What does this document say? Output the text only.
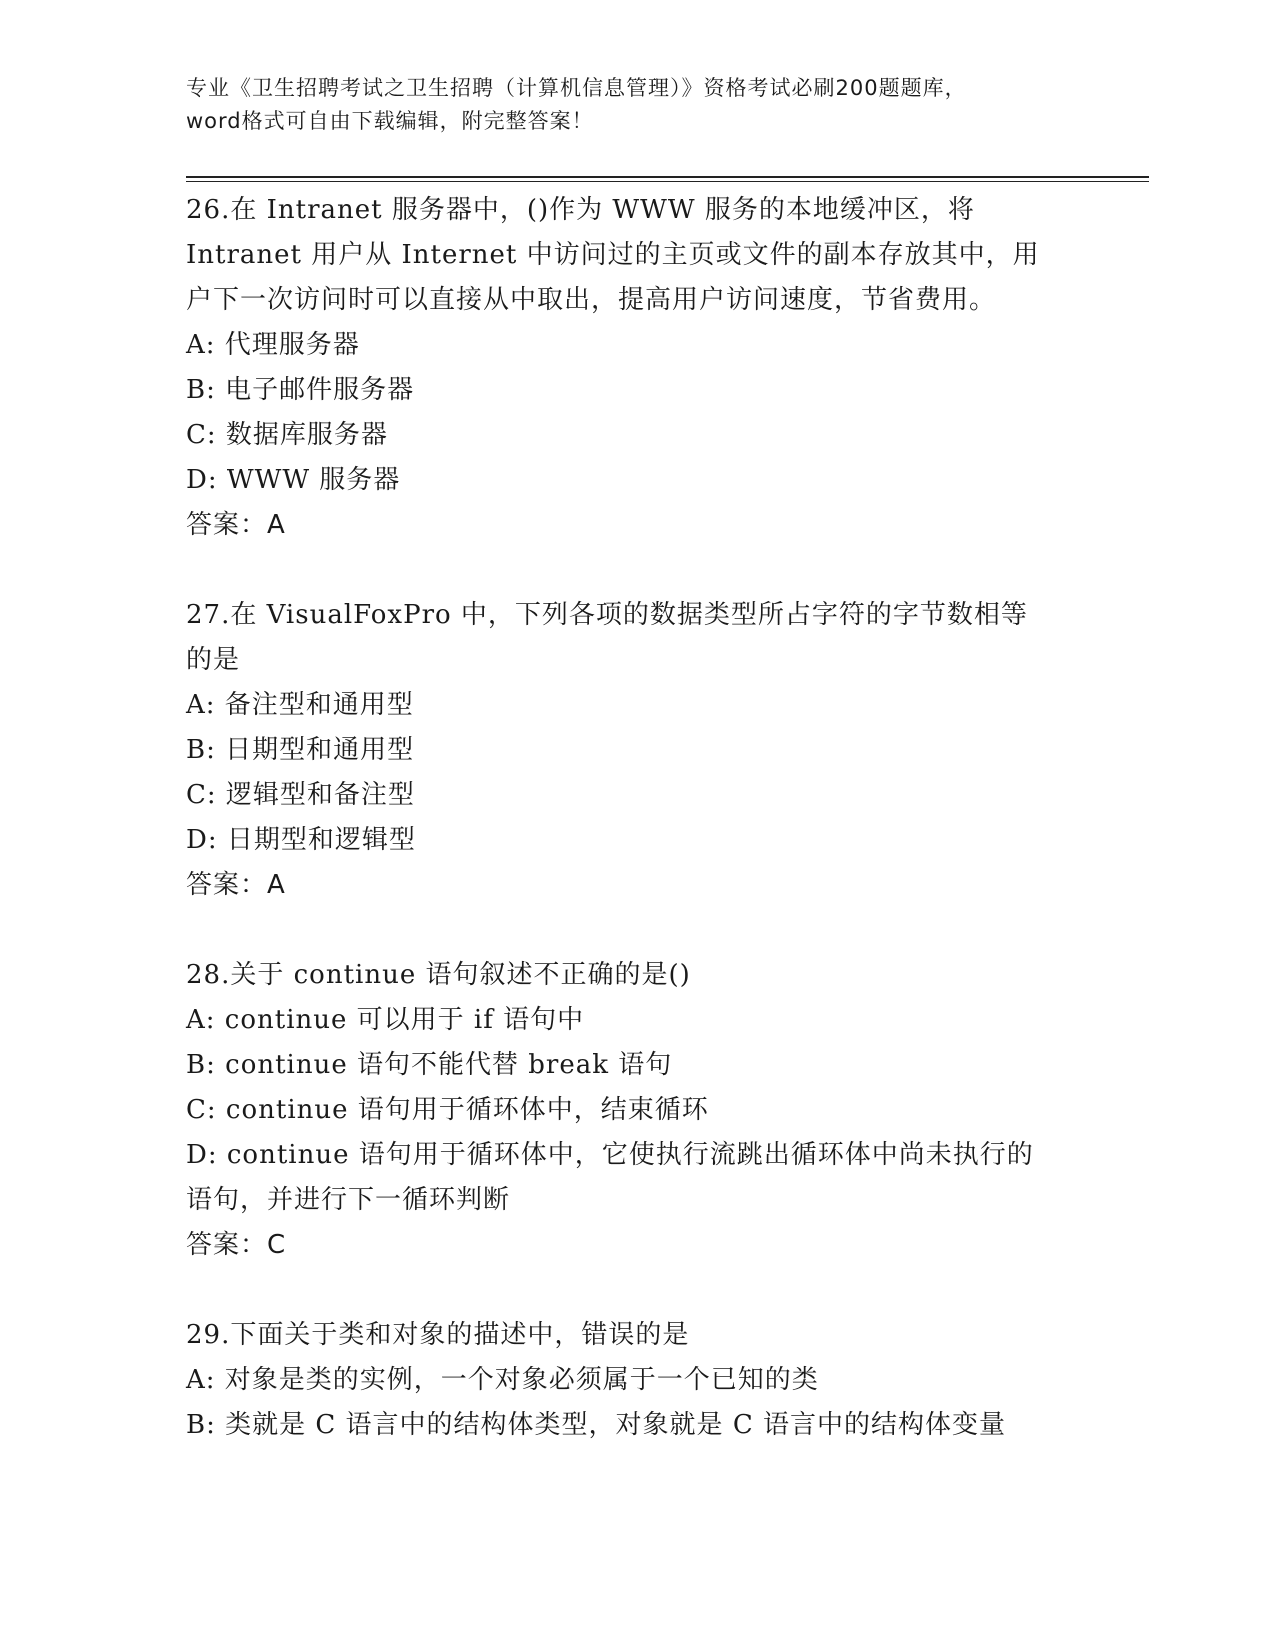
专业《卫生招聘考试之卫生招聘（计算机信息管理）》资格考试必刷200题题库，
word格式可自由下载编辑，附完整答案！

26.在 Intranet 服务器中，()作为 WWW 服务的本地缓冲区，将

Intranet 用户从 Internet 中访问过的主页或文件的副本存放其中，用

户下一次访问时可以直接从中取出，提高用户访问速度，节省费用。

A: 代理服务器

B: 电子邮件服务器

C: 数据库服务器

D: WWW 服务器

答案：A

27.在 VisualFoxPro 中，下列各项的数据类型所占字符的字节数相等

的是

A: 备注型和通用型

B: 日期型和通用型

C: 逻辑型和备注型

D: 日期型和逻辑型

答案：A

28.关于 continue 语句叙述不正确的是()

A: continue 可以用于 if 语句中

B: continue 语句不能代替 break 语句

C: continue 语句用于循环体中，结束循环

D: continue 语句用于循环体中，它使执行流跳出循环体中尚未执行的

语句，并进行下一循环判断

答案：C

29.下面关于类和对象的描述中，错误的是

A: 对象是类的实例，一个对象必须属于一个已知的类

B: 类就是 C 语言中的结构体类型，对象就是 C 语言中的结构体变量
